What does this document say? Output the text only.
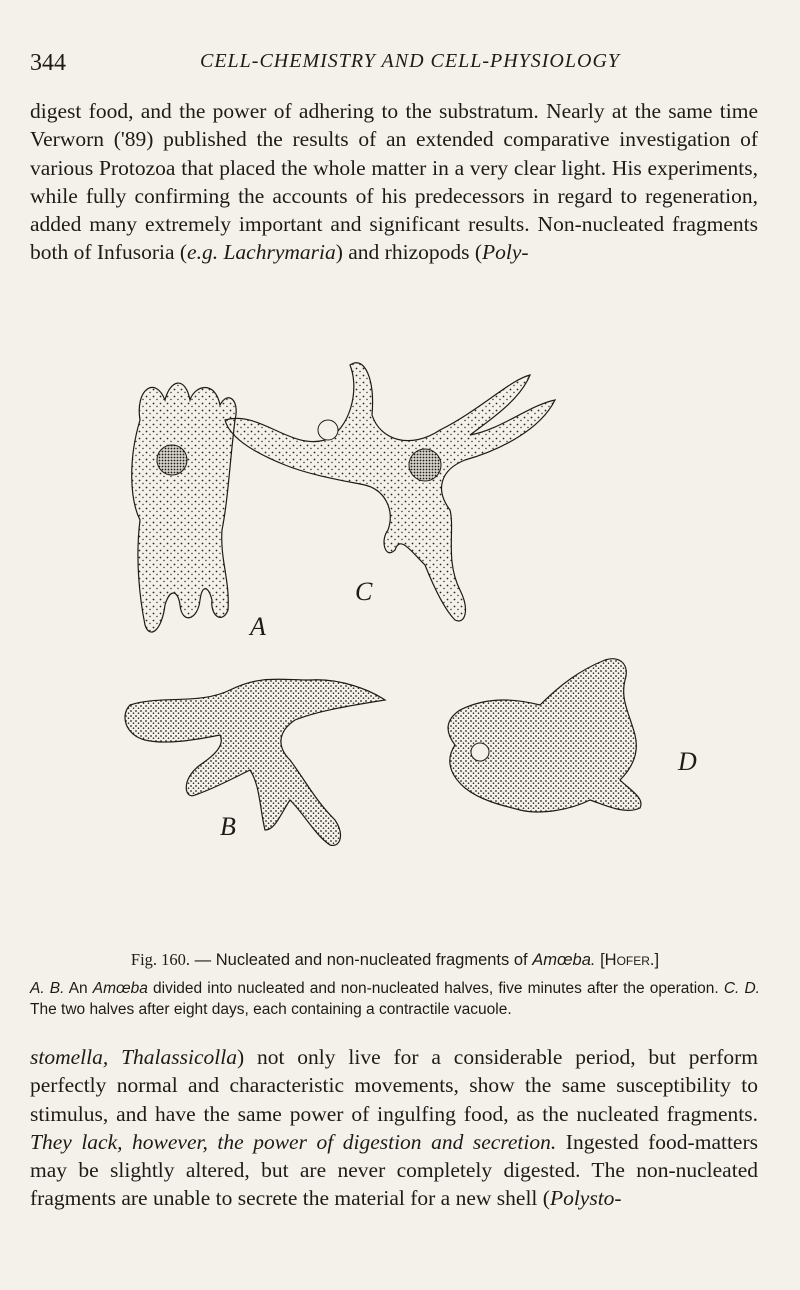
344	CELL-CHEMISTRY AND CELL-PHYSIOLOGY

digest food, and the power of adhering to the substratum. Nearly at the same time Verworn ('89) published the results of an extended comparative investigation of various Protozoa that placed the whole matter in a very clear light. His experiments, while fully confirming the accounts of his predecessors in regard to regeneration, added many extremely important and significant results. Non-nucleated fragments both of Infusoria (e.g. Lachrymaria) and rhizopods (Poly-

A
C
B
D

Fig. 160. — Nucleated and non-nucleated fragments of Amœba. [Hofer.]

A. B. An Amœba divided into nucleated and non-nucleated halves, five minutes after the operation. C. D. The two halves after eight days, each containing a contractile vacuole.

stomella, Thalassicolla) not only live for a considerable period, but perform perfectly normal and characteristic movements, show the same susceptibility to stimulus, and have the same power of ingulfing food, as the nucleated fragments. They lack, however, the power of digestion and secretion. Ingested food-matters may be slightly altered, but are never completely digested. The non-nucleated fragments are unable to secrete the material for a new shell (Polysto-
